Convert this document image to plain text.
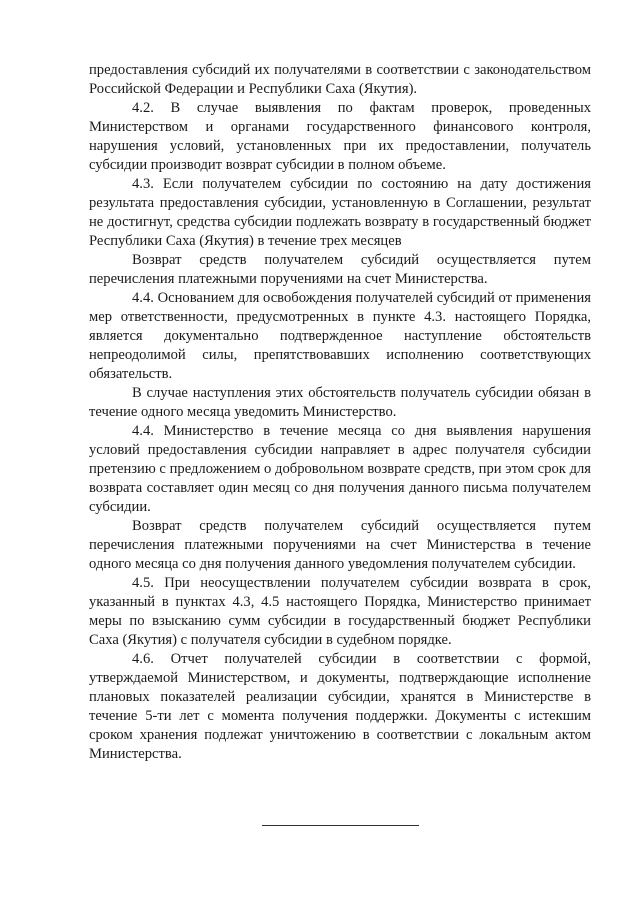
предоставления субсидий их получателями в соответствии с законодательством Российской Федерации и Республики Саха (Якутия).

4.2. В случае выявления по фактам проверок, проведенных Министерством и органами государственного финансового контроля, нарушения условий, установленных при их предоставлении, получатель субсидии производит возврат субсидии в полном объеме.

4.3. Если получателем субсидии по состоянию на дату достижения результата предоставления субсидии, установленную в Соглашении, результат не достигнут, средства субсидии подлежать возврату в государственный бюджет Республики Саха (Якутия) в течение трех месяцев

Возврат средств получателем субсидий осуществляется путем перечисления платежными поручениями на счет Министерства.

4.4. Основанием для освобождения получателей субсидий от применения мер ответственности, предусмотренных в пункте 4.3. настоящего Порядка, является документально подтвержденное наступление обстоятельств непреодолимой силы, препятствовавших исполнению соответствующих обязательств.

В случае наступления этих обстоятельств получатель субсидии обязан в течение одного месяца уведомить Министерство.

4.4. Министерство в течение месяца со дня выявления нарушения условий предоставления субсидии направляет в адрес получателя субсидии претензию с предложением о добровольном возврате средств, при этом срок для возврата составляет один месяц со дня получения данного письма получателем субсидии.

Возврат средств получателем субсидий осуществляется путем перечисления платежными поручениями на счет Министерства в течение одного месяца со дня получения данного уведомления получателем субсидии.

4.5. При неосуществлении получателем субсидии возврата в срок, указанный в пунктах 4.3, 4.5 настоящего Порядка, Министерство принимает меры по взысканию сумм субсидии в государственный бюджет Республики Саха (Якутия) с получателя субсидии в судебном порядке.

4.6. Отчет получателей субсидии в соответствии с формой, утверждаемой Министерством, и документы, подтверждающие исполнение плановых показателей реализации субсидии, хранятся в Министерстве в течение 5-ти лет с момента получения поддержки. Документы с истекшим сроком хранения подлежат уничтожению в соответствии с локальным актом Министерства.
